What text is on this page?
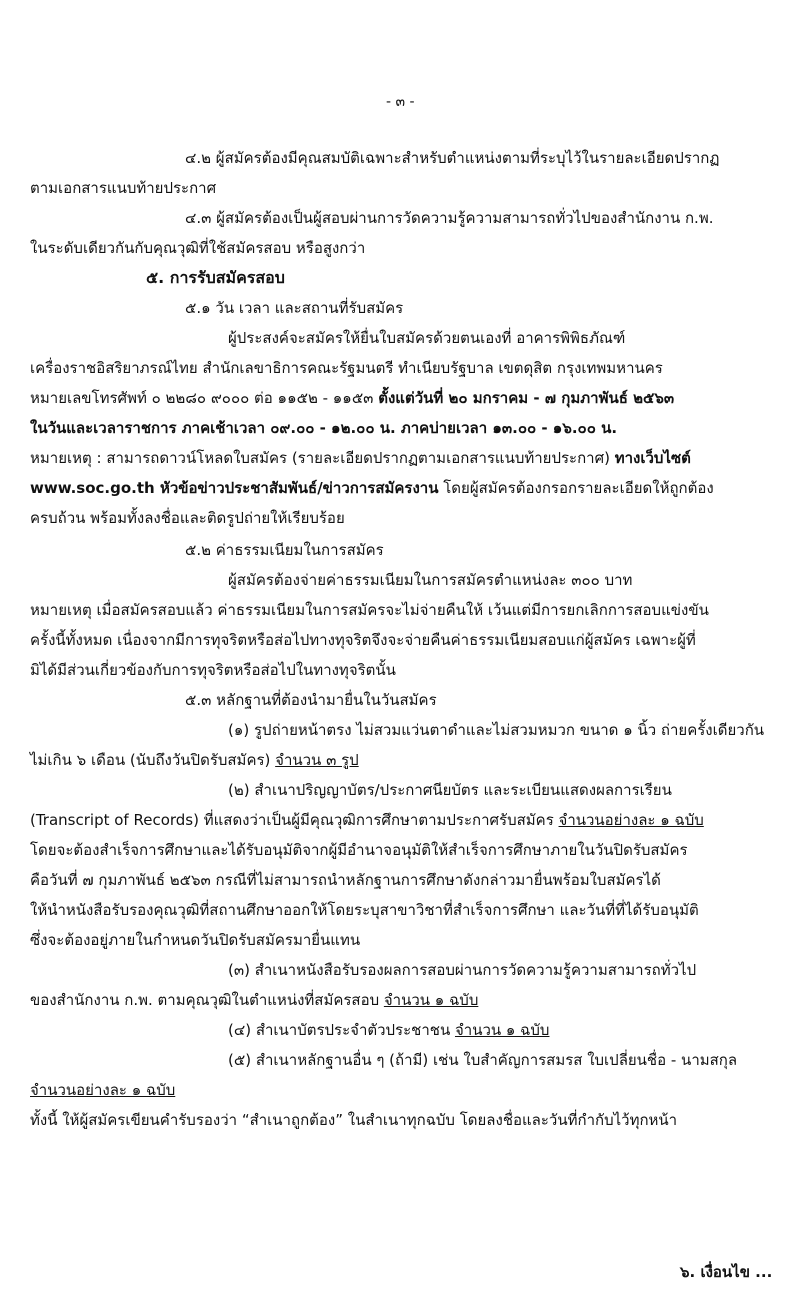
- ๓ -
๔.๒ ผู้สมัครต้องมีคุณสมบัติเฉพาะสำหรับตำแหน่งตามที่ระบุไว้ในรายละเอียดปรากฏ
ตามเอกสารแนบท้ายประกาศ
๔.๓ ผู้สมัครต้องเป็นผู้สอบผ่านการวัดความรู้ความสามารถทั่วไปของสำนักงาน ก.พ.
ในระดับเดียวกันกับคุณวุฒิที่ใช้สมัครสอบ หรือสูงกว่า
๕. การรับสมัครสอบ
๕.๑ วัน เวลา และสถานที่รับสมัคร
ผู้ประสงค์จะสมัครให้ยื่นใบสมัครด้วยตนเองที่ อาคารพิพิธภัณฑ์
เครื่องราชอิสริยาภรณ์ไทย สำนักเลขาธิการคณะรัฐมนตรี ทำเนียบรัฐบาล เขตดุสิต กรุงเทพมหานคร
หมายเลขโทรศัพท์ ๐ ๒๒๘๐ ๙๐๐๐ ต่อ ๑๑๕๒ - ๑๑๕๓ ตั้งแต่วันที่ ๒๐ มกราคม - ๗ กุมภาพันธ์ ๒๕๖๓
ในวันและเวลาราชการ ภาคเช้าเวลา ๐๙.๐๐ - ๑๒.๐๐ น. ภาคบ่ายเวลา ๑๓.๐๐ - ๑๖.๐๐ น.
หมายเหตุ : สามารถดาวน์โหลดใบสมัคร (รายละเอียดปรากฏตามเอกสารแนบท้ายประกาศ) ทางเว็บไซต์
www.soc.go.th หัวข้อข่าวประชาสัมพันธ์/ข่าวการสมัครงาน โดยผู้สมัครต้องกรอกรายละเอียดให้ถูกต้อง
ครบถ้วน พร้อมทั้งลงชื่อและติดรูปถ่ายให้เรียบร้อย
๕.๒ ค่าธรรมเนียมในการสมัคร
ผู้สมัครต้องจ่ายค่าธรรมเนียมในการสมัครตำแหน่งละ ๓๐๐ บาท
หมายเหตุ เมื่อสมัครสอบแล้ว ค่าธรรมเนียมในการสมัครจะไม่จ่ายคืนให้ เว้นแต่มีการยกเลิกการสอบแข่งขัน
ครั้งนี้ทั้งหมด เนื่องจากมีการทุจริตหรือส่อไปทางทุจริตจึงจะจ่ายคืนค่าธรรมเนียมสอบแก่ผู้สมัคร เฉพาะผู้ที่
มิได้มีส่วนเกี่ยวข้องกับการทุจริตหรือส่อไปในทางทุจริตนั้น
๕.๓ หลักฐานที่ต้องนำมายื่นในวันสมัคร
(๑) รูปถ่ายหน้าตรง ไม่สวมแว่นตาดำและไม่สวมหมวก ขนาด ๑ นิ้ว ถ่ายครั้งเดียวกัน
ไม่เกิน ๖ เดือน (นับถึงวันปิดรับสมัคร) จำนวน ๓ รูป
(๒) สำเนาปริญญาบัตร/ประกาศนียบัตร และระเบียนแสดงผลการเรียน
(Transcript of Records) ที่แสดงว่าเป็นผู้มีคุณวุฒิการศึกษาตามประกาศรับสมัคร จำนวนอย่างละ ๑ ฉบับ
โดยจะต้องสำเร็จการศึกษาและได้รับอนุมัติจากผู้มีอำนาจอนุมัติให้สำเร็จการศึกษาภายในวันปิดรับสมัคร
คือวันที่ ๗ กุมภาพันธ์ ๒๕๖๓ กรณีที่ไม่สามารถนำหลักฐานการศึกษาดังกล่าวมายื่นพร้อมใบสมัครได้
ให้นำหนังสือรับรองคุณวุฒิที่สถานศึกษาออกให้โดยระบุสาขาวิชาที่สำเร็จการศึกษา และวันที่ที่ได้รับอนุมัติ
ซึ่งจะต้องอยู่ภายในกำหนดวันปิดรับสมัครมายื่นแทน
(๓) สำเนาหนังสือรับรองผลการสอบผ่านการวัดความรู้ความสามารถทั่วไป
ของสำนักงาน ก.พ. ตามคุณวุฒิในตำแหน่งที่สมัครสอบ จำนวน ๑ ฉบับ
(๔) สำเนาบัตรประจำตัวประชาชน จำนวน ๑ ฉบับ
(๕) สำเนาหลักฐานอื่น ๆ (ถ้ามี) เช่น ใบสำคัญการสมรส ใบเปลี่ยนชื่อ - นามสกุล
จำนวนอย่างละ ๑ ฉบับ
ทั้งนี้ ให้ผู้สมัครเขียนคำรับรองว่า “สำเนาถูกต้อง” ในสำเนาทุกฉบับ โดยลงชื่อและวันที่กำกับไว้ทุกหน้า
๖. เงื่อนไข ...
